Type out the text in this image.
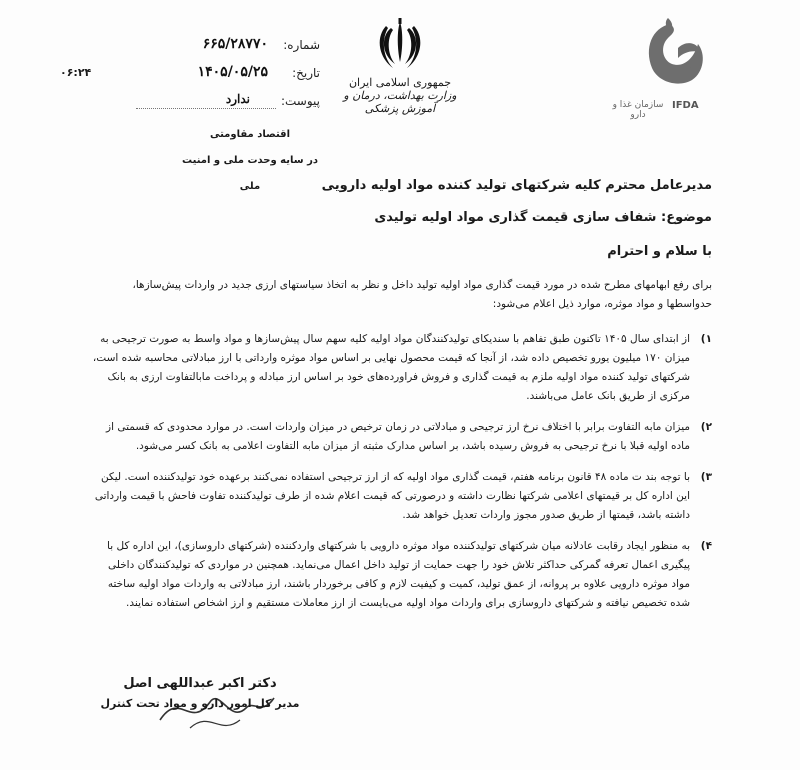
شماره:
۶۶۵/۲۸۷۷۰
تاریخ:
۱۴۰۵/۰۵/۲۵
۰۶:۲۴
پیوست:
ندارد
اقتصاد مقاومتی
در سایه وحدت ملی و امنیت ملی
جمهوری اسلامی ایران
وزارت بهداشت، درمان و آموزش پزشکی	سازمان غذا و دارو
IFDA
مدیرعامل محترم کلیه شرکتهای تولید کننده مواد اولیه دارویی
موضوع: شفاف سازی قیمت گذاری مواد اولیه تولیدی
با سلام و احترام
برای رفع ابهامهای مطرح شده در مورد قیمت گذاری مواد اولیه تولید داخل و نظر به اتخاذ سیاستهای ارزی جدید در واردات پیش‌سازها، حدواسطها و مواد موثره، موارد ذیل اعلام می‌شود:
۱)
از ابتدای سال ۱۴۰۵ تاکنون طبق تفاهم با سندیکای تولیدکنندگان مواد اولیه کلیه سهم سال پیش‌سازها و مواد واسط به صورت ترجیحی به میزان ۱۷۰ میلیون یورو تخصیص داده شد، از آنجا که قیمت محصول نهایی بر اساس مواد موثره وارداتی با ارز مبادلاتی محاسبه شده است، شرکتهای تولید کننده مواد اولیه ملزم به قیمت گذاری و فروش فراورده‌های خود بر اساس ارز مبادله و پرداخت مابالتفاوت ارزی به بانک مرکزی از طریق بانک عامل می‌باشند.
۲)
میزان مابه التفاوت برابر با اختلاف نرخ ارز ترجیحی و مبادلاتی در زمان ترخیص در میزان واردات است. در موارد محدودی که قسمتی از ماده اولیه قبلا با نرخ ترجیحی به فروش رسیده باشد، بر اساس مدارک مثبته از میزان مابه التفاوت اعلامی به بانک کسر می‌شود.
۳)
با توجه بند ت ماده ۴۸ قانون برنامه هفتم، قیمت گذاری مواد اولیه که از ارز ترجیحی استفاده نمی‌کنند برعهده خود تولیدکننده است. لیکن این اداره کل بر قیمتهای اعلامی شرکتها نظارت داشته و درصورتی که قیمت اعلام شده از طرف تولیدکننده تفاوت فاحش با قیمت وارداتی داشته باشد، قیمتها از طریق صدور مجوز واردات تعدیل خواهد شد.
۴)
به منظور ایجاد رقابت عادلانه میان شرکتهای تولیدکننده مواد موثره دارویی با شرکتهای واردکننده (شرکتهای داروسازی)، این اداره کل با پیگیری اعمال تعرفه گمرکی حداکثر تلاش خود را جهت حمایت از تولید داخل اعمال می‌نماید. همچنین در مواردی که تولیدکنندگان داخلی مواد موثره دارویی علاوه بر پروانه، از عمق تولید، کمیت و کیفیت لازم و کافی برخوردار باشند، ارز مبادلاتی به واردات مواد اولیه ساخته شده تخصیص نیافته و شرکتهای داروسازی برای واردات مواد اولیه می‌بایست از ارز معاملات مستقیم و ارز اشخاص استفاده نمایند.
دکتر اکبر عبداللهی اصل
مدیر کل امور دارو و مواد تحت کنترل
